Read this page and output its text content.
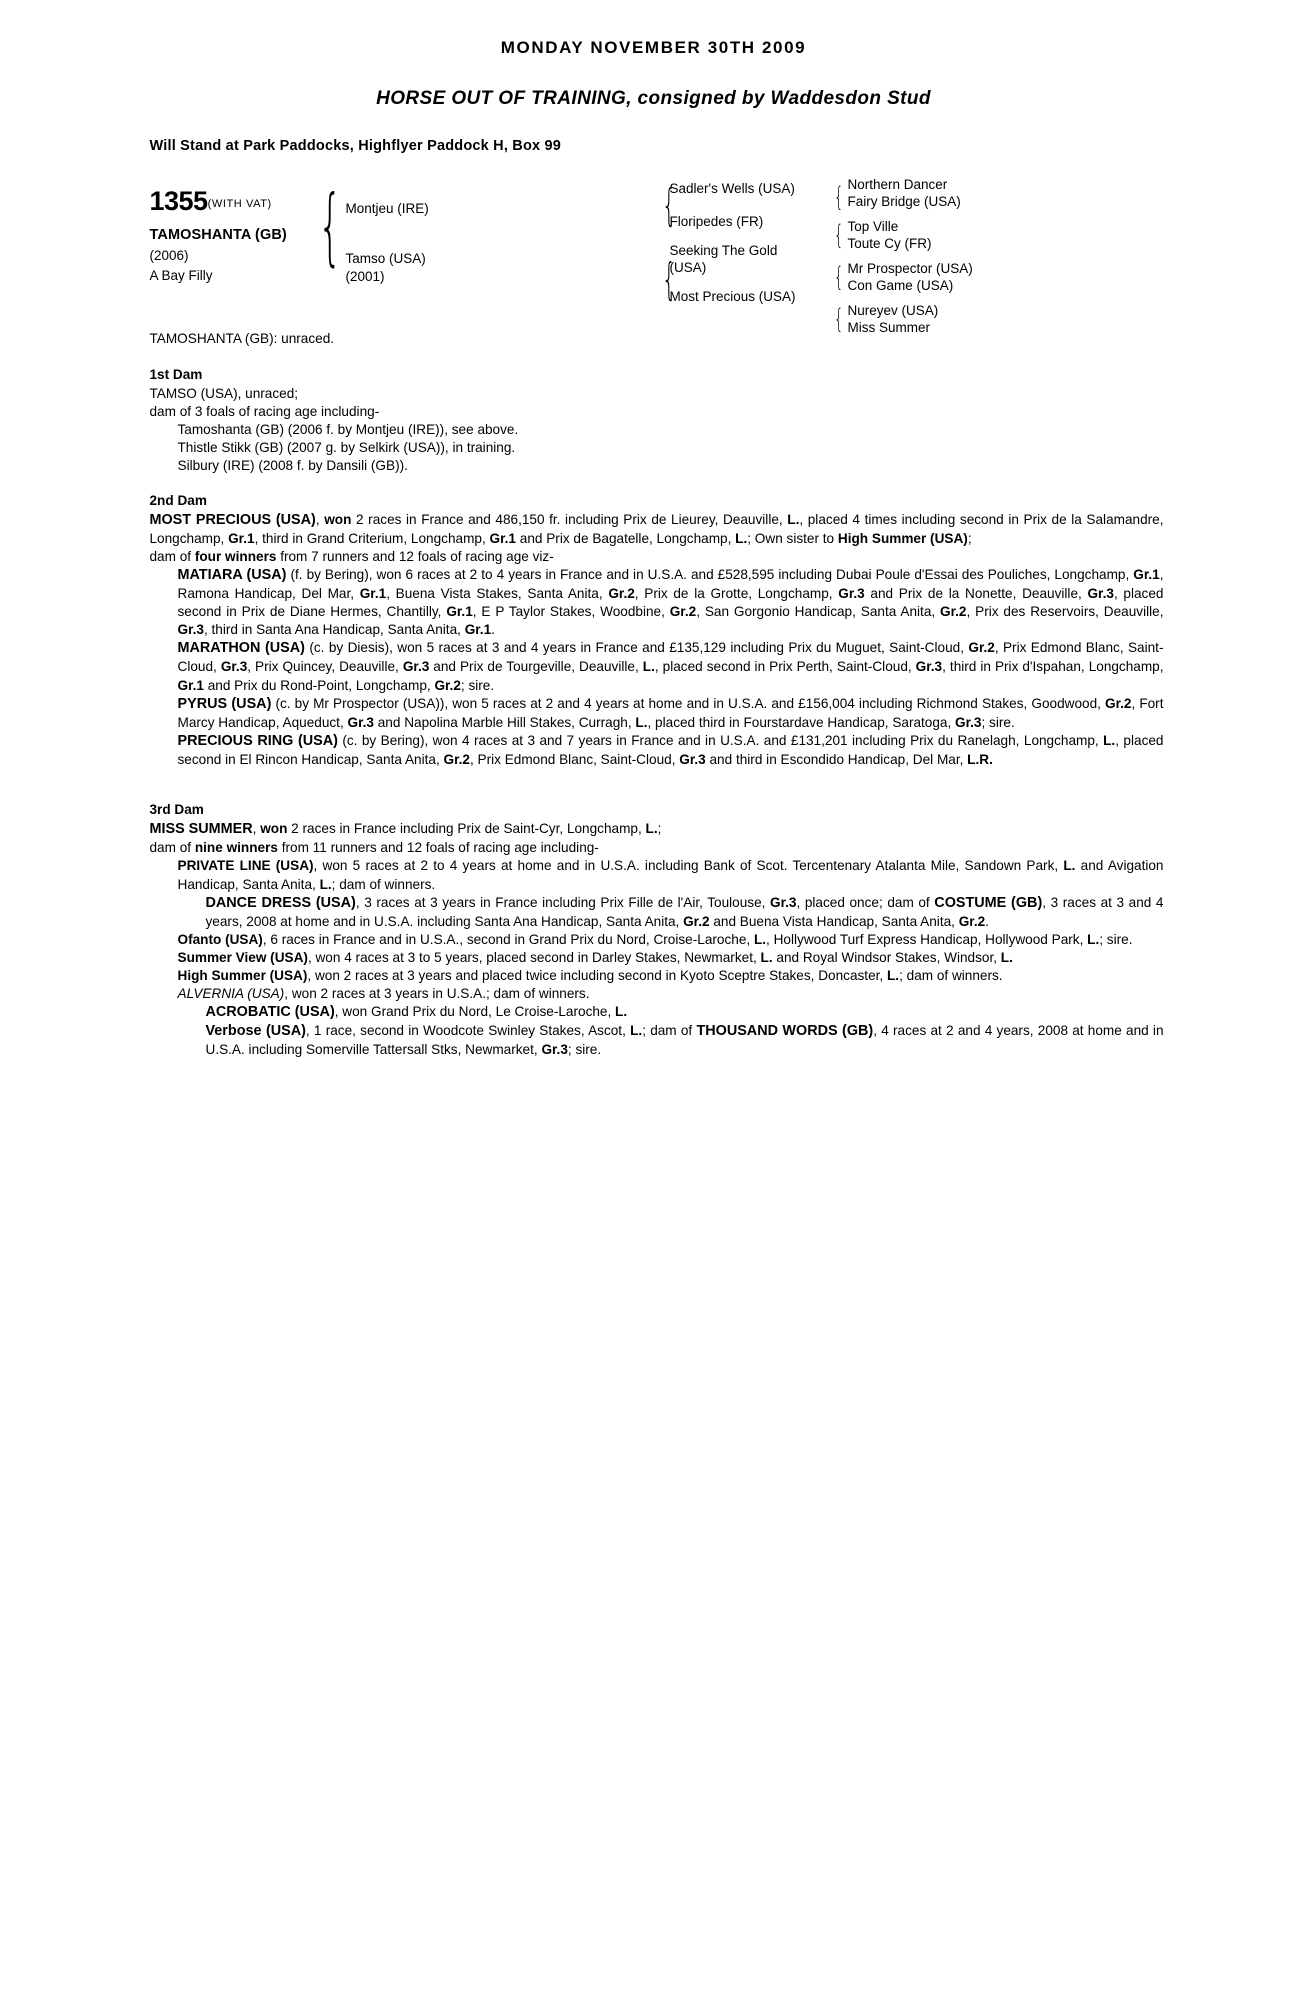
MONDAY NOVEMBER 30TH 2009
HORSE OUT OF TRAINING, consigned by Waddesdon Stud
Will Stand at Park Paddocks, Highflyer Paddock H, Box 99
1355(WITH VAT)
TAMOSHANTA (GB)
(2006)
A Bay Filly
{ Montjeu (IRE)
Tamso (USA)
(2001)
{
{
Sadler's Wells (USA)
Floripedes (FR)
Seeking The Gold
(USA)
Most Precious (USA)
{
{
{
{
Northern Dancer
Fairy Bridge (USA)
Top Ville
Toute Cy (FR)
Mr Prospector (USA)
Con Game (USA)
Nureyev (USA)
Miss Summer
TAMOSHANTA (GB): unraced.
1st Dam
TAMSO (USA), unraced;
dam of 3 foals of racing age including-
Tamoshanta (GB) (2006 f. by Montjeu (IRE)), see above.
Thistle Stikk (GB) (2007 g. by Selkirk (USA)), in training.
Silbury (IRE) (2008 f. by Dansili (GB)).
2nd Dam

MOST PRECIOUS (USA), won 2 races in France and 486,150 fr. including Prix de Lieurey, Deauville, L., placed 4 times including second in Prix de la Salamandre, Longchamp, Gr.1, third in Grand Criterium, Longchamp, Gr.1 and Prix de Bagatelle, Longchamp, L.; Own sister to High Summer (USA);

dam of four winners from 7 runners and 12 foals of racing age viz-

MATIARA (USA) (f. by Bering), won 6 races at 2 to 4 years in France and in U.S.A. and £528,595 including Dubai Poule d'Essai des Pouliches, Longchamp, Gr.1, Ramona Handicap, Del Mar, Gr.1, Buena Vista Stakes, Santa Anita, Gr.2, Prix de la Grotte, Longchamp, Gr.3 and Prix de la Nonette, Deauville, Gr.3, placed second in Prix de Diane Hermes, Chantilly, Gr.1, E P Taylor Stakes, Woodbine, Gr.2, San Gorgonio Handicap, Santa Anita, Gr.2, Prix des Reservoirs, Deauville, Gr.3, third in Santa Ana Handicap, Santa Anita, Gr.1.

MARATHON (USA) (c. by Diesis), won 5 races at 3 and 4 years in France and £135,129 including Prix du Muguet, Saint-Cloud, Gr.2, Prix Edmond Blanc, Saint-Cloud, Gr.3, Prix Quincey, Deauville, Gr.3 and Prix de Tourgeville, Deauville, L., placed second in Prix Perth, Saint-Cloud, Gr.3, third in Prix d'Ispahan, Longchamp, Gr.1 and Prix du Rond-Point, Longchamp, Gr.2; sire.

PYRUS (USA) (c. by Mr Prospector (USA)), won 5 races at 2 and 4 years at home and in U.S.A. and £156,004 including Richmond Stakes, Goodwood, Gr.2, Fort Marcy Handicap, Aqueduct, Gr.3 and Napolina Marble Hill Stakes, Curragh, L., placed third in Fourstardave Handicap, Saratoga, Gr.3; sire.

PRECIOUS RING (USA) (c. by Bering), won 4 races at 3 and 7 years in France and in U.S.A. and £131,201 including Prix du Ranelagh, Longchamp, L., placed second in El Rincon Handicap, Santa Anita, Gr.2, Prix Edmond Blanc, Saint-Cloud, Gr.3 and third in Escondido Handicap, Del Mar, L.R.

3rd Dam

MISS SUMMER, won 2 races in France including Prix de Saint-Cyr, Longchamp, L.;

dam of nine winners from 11 runners and 12 foals of racing age including-

PRIVATE LINE (USA), won 5 races at 2 to 4 years at home and in U.S.A. including Bank of Scot. Tercentenary Atalanta Mile, Sandown Park, L. and Avigation Handicap, Santa Anita, L.; dam of winners.

DANCE DRESS (USA), 3 races at 3 years in France including Prix Fille de l'Air, Toulouse, Gr.3, placed once; dam of COSTUME (GB), 3 races at 3 and 4 years, 2008 at home and in U.S.A. including Santa Ana Handicap, Santa Anita, Gr.2 and Buena Vista Handicap, Santa Anita, Gr.2.

Ofanto (USA), 6 races in France and in U.S.A., second in Grand Prix du Nord, Croise-Laroche, L., Hollywood Turf Express Handicap, Hollywood Park, L.; sire.

Summer View (USA), won 4 races at 3 to 5 years, placed second in Darley Stakes, Newmarket, L. and Royal Windsor Stakes, Windsor, L.

High Summer (USA), won 2 races at 3 years and placed twice including second in Kyoto Sceptre Stakes, Doncaster, L.; dam of winners.

ALVERNIA (USA), won 2 races at 3 years in U.S.A.; dam of winners.

ACROBATIC (USA), won Grand Prix du Nord, Le Croise-Laroche, L.

Verbose (USA), 1 race, second in Woodcote Swinley Stakes, Ascot, L.; dam of THOUSAND WORDS (GB), 4 races at 2 and 4 years, 2008 at home and in U.S.A. including Somerville Tattersall Stks, Newmarket, Gr.3; sire.
